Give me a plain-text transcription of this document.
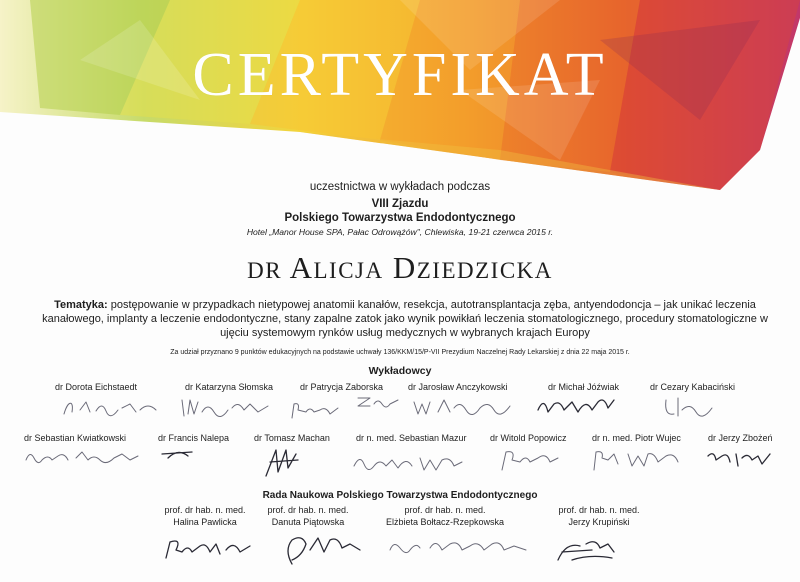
CERTYFIKAT
uczestnictwa w wykładach podczas
VIII Zjazdu
Polskiego Towarzystwa Endodontycznego
Hotel „Manor House SPA, Pałac Odrowążów", Chlewiska, 19-21 czerwca 2015 r.
DR ALICJA DZIEDZICKA
Tematyka: postępowanie w przypadkach nietypowej anatomii kanałów, resekcja, autotransplantacja zęba, antyendodoncja – jak unikać leczenia kanałowego, implanty a leczenie endodontyczne, stany zapalne zatok jako wynik powikłań leczenia stomatologicznego, procedury stomatologiczne w ujęciu systemowym rynków usług medycznych w wybranych krajach Europy
Za udział przyznano 9 punktów edukacyjnych na podstawie uchwały 136/KKM/15/P-VII Prezydium Naczelnej Rady Lekarskiej z dnia 22 maja 2015 r.
Wykładowcy
dr Dorota Eichstaedt	dr Katarzyna Słomska	dr Patrycja Zaborska	dr Jarosław Anczykowski	dr Michał Jóźwiak	dr Cezary Kabaciński
dr Sebastian Kwiatkowski	dr Francis Nalepa	dr Tomasz Machan	dr n. med. Sebastian Mazur	dr Witold Popowicz	dr n. med. Piotr Wujec	dr Jerzy Zbożeń
Rada Naukowa Polskiego Towarzystwa Endodontycznego
prof. dr hab. n. med.
Halina Pawlicka
prof. dr hab. n. med.
Danuta Piątowska
prof. dr hab. n. med.
Elżbieta Bołtacz-Rzepkowska
prof. dr hab. n. med.
Jerzy Krupiński
